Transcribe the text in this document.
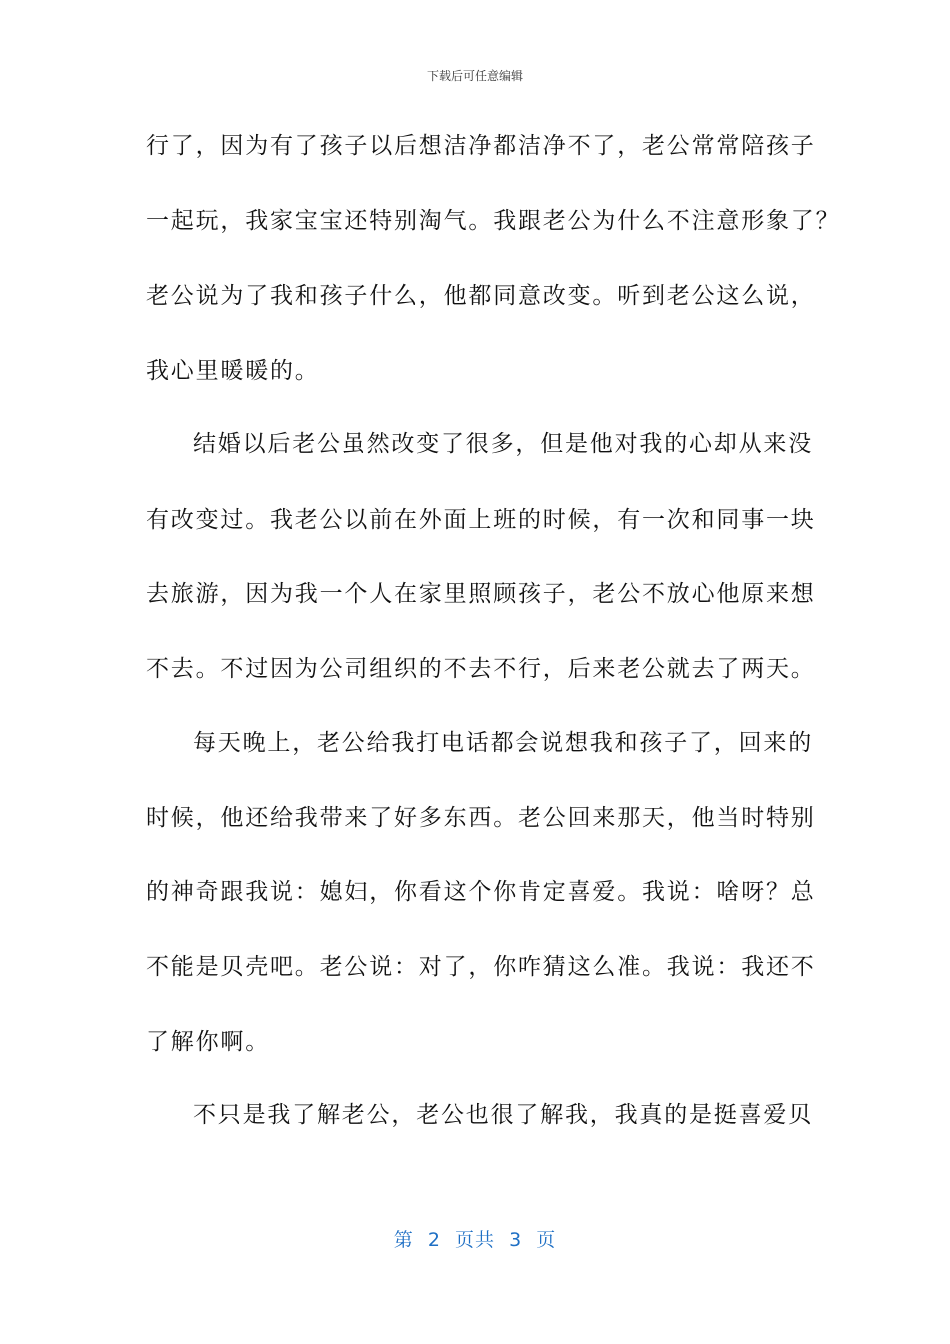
下载后可任意编辑
行了，因为有了孩子以后想洁净都洁净不了，老公常常陪孩子
一起玩，我家宝宝还特别淘气。我跟老公为什么不注意形象了？
老公说为了我和孩子什么，他都同意改变。听到老公这么说，
我心里暖暖的。
结婚以后老公虽然改变了很多，但是他对我的心却从来没
有改变过。我老公以前在外面上班的时候，有一次和同事一块
去旅游，因为我一个人在家里照顾孩子，老公不放心他原来想
不去。不过因为公司组织的不去不行，后来老公就去了两天。
每天晚上，老公给我打电话都会说想我和孩子了，回来的
时候，他还给我带来了好多东西。老公回来那天，他当时特别
的神奇跟我说：媳妇，你看这个你肯定喜爱。我说：啥呀？总
不能是贝壳吧。老公说：对了，你咋猜这么准。我说：我还不
了解你啊。
不只是我了解老公，老公也很了解我，我真的是挺喜爱贝
第  2  页共  3  页
